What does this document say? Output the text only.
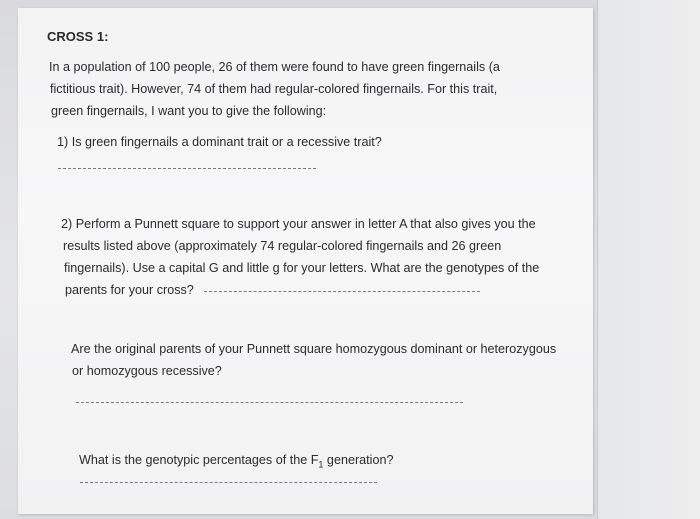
CROSS 1:

In a population of 100 people, 26 of them were found to have green fingernails (a

fictitious trait). However, 74 of them had regular-colored fingernails. For this trait,

green fingernails, I want you to give the following:

1) Is green fingernails a dominant trait or a recessive trait?

2) Perform a Punnett square to support your answer in letter A that also gives you the

results listed above (approximately 74 regular-colored fingernails and 26 green

fingernails). Use a capital G and little g for your letters. What are the genotypes of the

parents for your cross?

Are the original parents of your Punnett square homozygous dominant or heterozygous

or homozygous recessive?

What is the genotypic percentages of the $F_1$ generation?
